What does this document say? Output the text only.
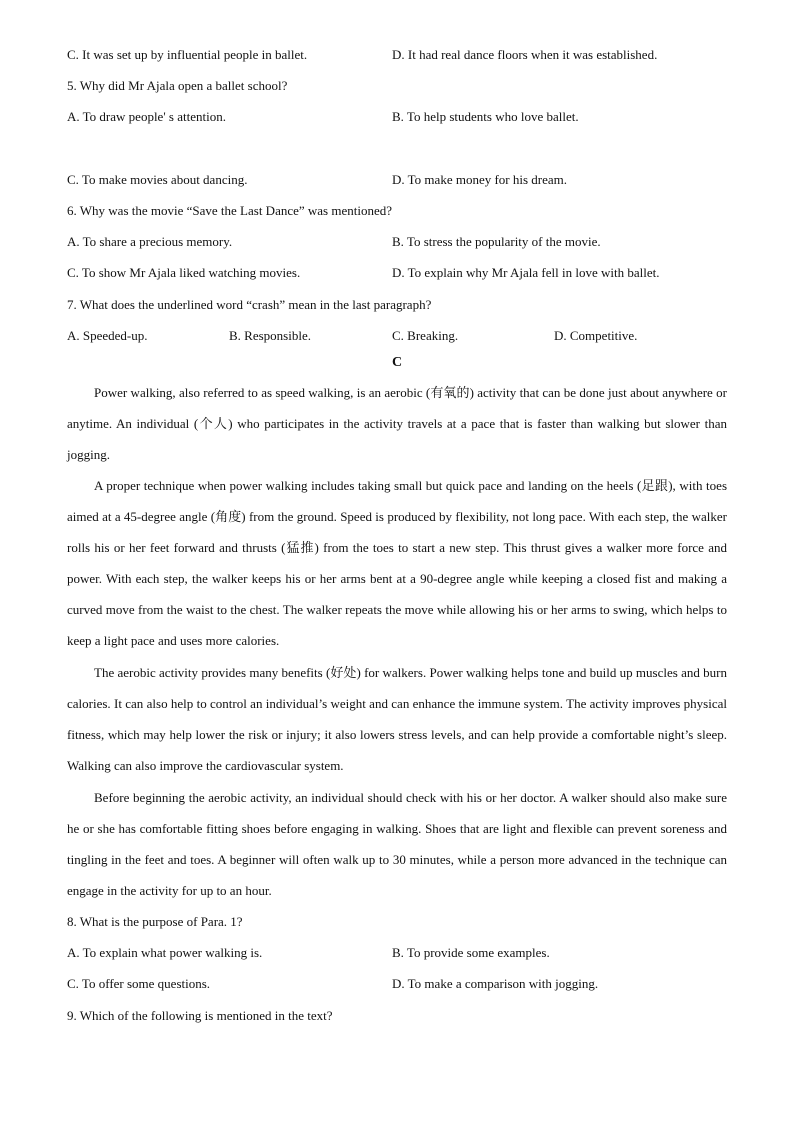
C. It was set up by influential people in ballet.	D. It had real dance floors when it was established.
5. Why did Mr Ajala open a ballet school?
A. To draw people' s attention.	B. To help students who love ballet.
C. To make movies about dancing.	D. To make money for his dream.
6. Why was the movie “Save the Last Dance” was mentioned?
A. To share a precious memory.	B. To stress the popularity of the movie.
C. To show Mr Ajala liked watching movies.	D. To explain why Mr Ajala fell in love with ballet.
7. What does the underlined word “crash” mean in the last paragraph?
A. Speeded-up.	B. Responsible.	C. Breaking.	D. Competitive.
C
Power walking, also referred to as speed walking, is an aerobic (有氧的) activity that can be done just about anywhere or anytime. An individual (个人) who participates in the activity travels at a pace that is faster than walking but slower than jogging.
A proper technique when power walking includes taking small but quick pace and landing on the heels (足跟), with toes aimed at a 45-degree angle (角度) from the ground. Speed is produced by flexibility, not long pace. With each step, the walker rolls his or her feet forward and thrusts (猛推) from the toes to start a new step. This thrust gives a walker more force and power. With each step, the walker keeps his or her arms bent at a 90-degree angle while keeping a closed fist and making a curved move from the waist to the chest. The walker repeats the move while allowing his or her arms to swing, which helps to keep a light pace and uses more calories.
The aerobic activity provides many benefits (好处) for walkers. Power walking helps tone and build up muscles and burn calories. It can also help to control an individual’s weight and can enhance the immune system. The activity improves physical fitness, which may help lower the risk or injury; it also lowers stress levels, and can help provide a comfortable night’s sleep. Walking can also improve the cardiovascular system.
Before beginning the aerobic activity, an individual should check with his or her doctor. A walker should also make sure he or she has comfortable fitting shoes before engaging in walking. Shoes that are light and flexible can prevent soreness and tingling in the feet and toes. A beginner will often walk up to 30 minutes, while a person more advanced in the technique can engage in the activity for up to an hour.
8. What is the purpose of Para. 1?
A. To explain what power walking is.	B. To provide some examples.
C. To offer some questions.	D. To make a comparison with jogging.
9. Which of the following is mentioned in the text?
